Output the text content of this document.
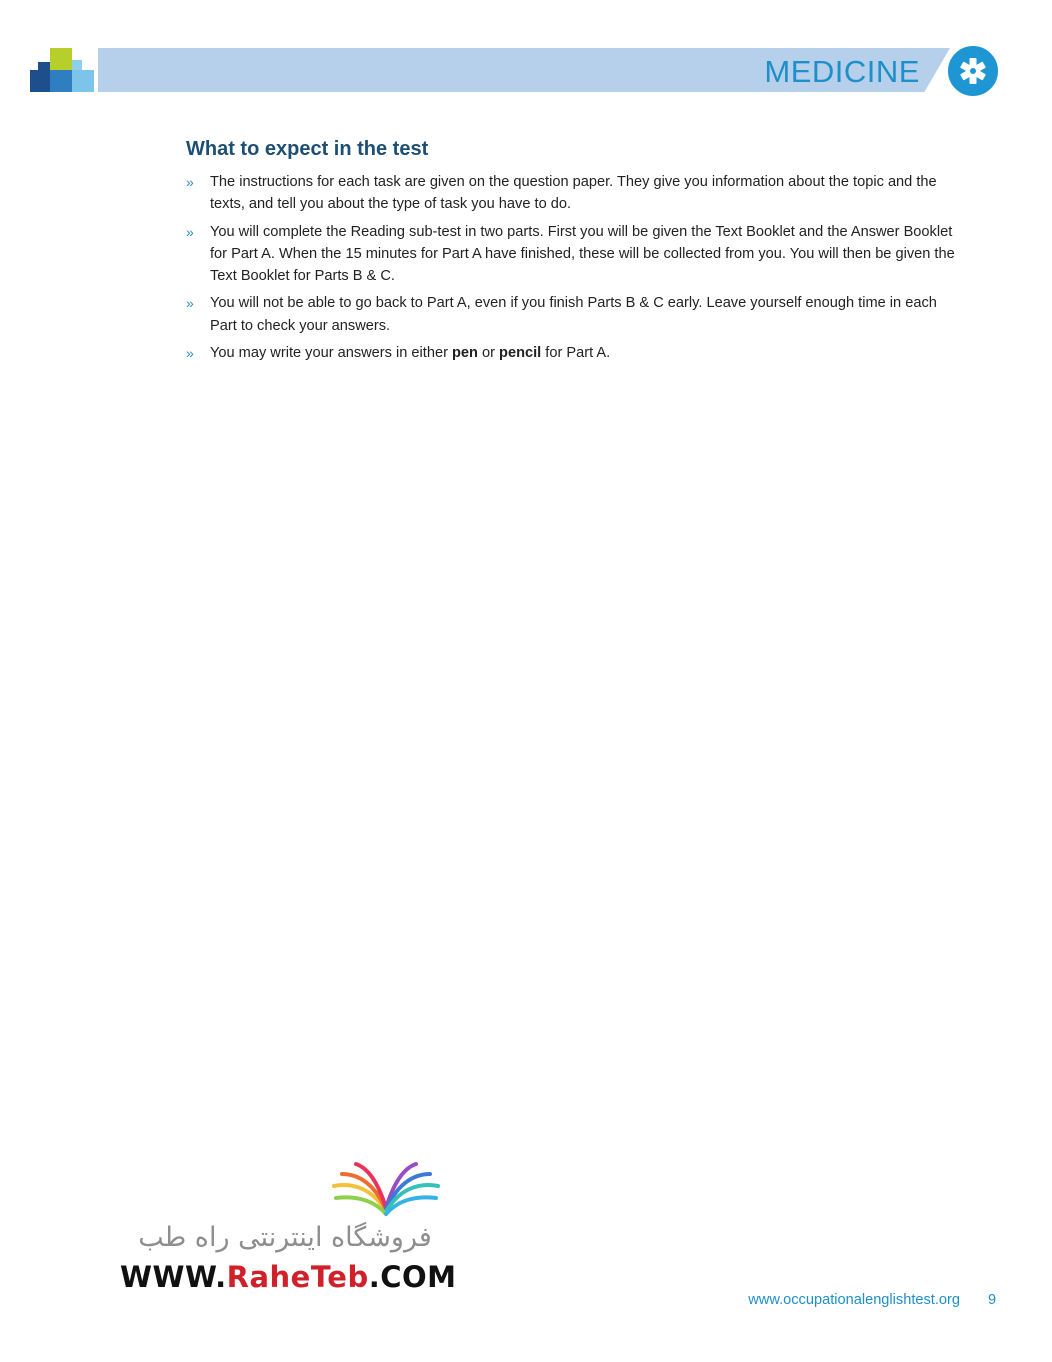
MEDICINE
What to expect in the test
» The instructions for each task are given on the question paper. They give you information about the topic and the texts, and tell you about the type of task you have to do.
» You will complete the Reading sub-test in two parts. First you will be given the Text Booklet and the Answer Booklet for Part A. When the 15 minutes for Part A have finished, these will be collected from you. You will then be given the Text Booklet for Parts B & C.
» You will not be able to go back to Part A, even if you finish Parts B & C early. Leave yourself enough time in each Part to check your answers.
» You may write your answers in either pen or pencil for Part A.
فروشگاه اینترنتی راه طب
WWW.RaheTeb.COM
www.occupationalenglishtest.org	9
